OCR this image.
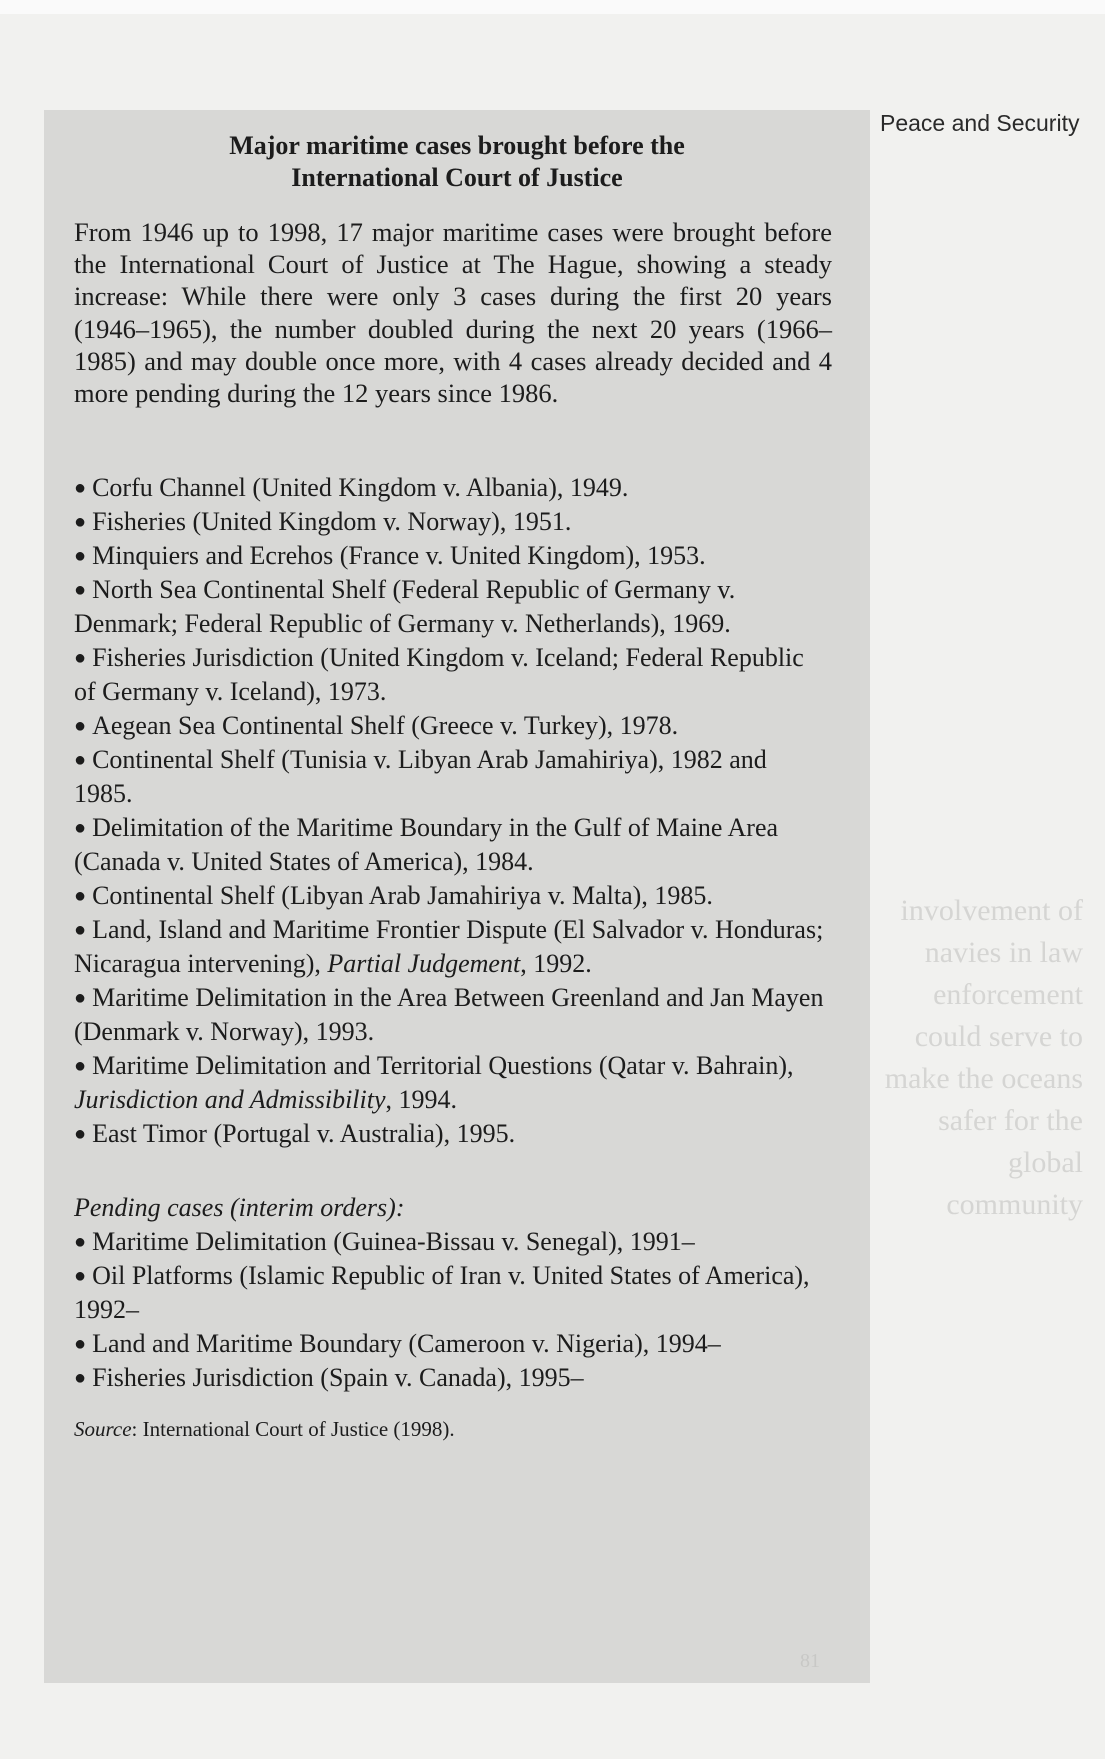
Peace and Security
involvement of navies in law enforcement could serve to make the oceans safer for the global community
Major maritime cases brought before the
International Court of Justice

From 1946 up to 1998, 17 major maritime cases were brought before the International Court of Justice at The Hague, showing a steady increase: While there were only 3 cases during the first 20 years (1946–1965), the number doubled during the next 20 years (1966–1985) and may double once more, with 4 cases already decided and 4 more pending during the 12 years since 1986.

● Corfu Channel (United Kingdom v. Albania), 1949.
● Fisheries (United Kingdom v. Norway), 1951.
● Minquiers and Ecrehos (France v. United Kingdom), 1953.
● North Sea Continental Shelf (Federal Republic of Germany v. Denmark; Federal Republic of Germany v. Netherlands), 1969.
● Fisheries Jurisdiction (United Kingdom v. Iceland; Federal Republic of Germany v. Iceland), 1973.
● Aegean Sea Continental Shelf (Greece v. Turkey), 1978.
● Continental Shelf (Tunisia v. Libyan Arab Jamahiriya), 1982 and 1985.
● Delimitation of the Maritime Boundary in the Gulf of Maine Area (Canada v. United States of America), 1984.
● Continental Shelf (Libyan Arab Jamahiriya v. Malta), 1985.
● Land, Island and Maritime Frontier Dispute (El Salvador v. Honduras; Nicaragua intervening), Partial Judgement, 1992.
● Maritime Delimitation in the Area Between Greenland and Jan Mayen (Denmark v. Norway), 1993.
● Maritime Delimitation and Territorial Questions (Qatar v. Bahrain), Jurisdiction and Admissibility, 1994.
● East Timor (Portugal v. Australia), 1995.

Pending cases (interim orders):

● Maritime Delimitation (Guinea-Bissau v. Senegal), 1991–
● Oil Platforms (Islamic Republic of Iran v. United States of America), 1992–
● Land and Maritime Boundary (Cameroon v. Nigeria), 1994–
● Fisheries Jurisdiction (Spain v. Canada), 1995–
Source: International Court of Justice (1998).
81
